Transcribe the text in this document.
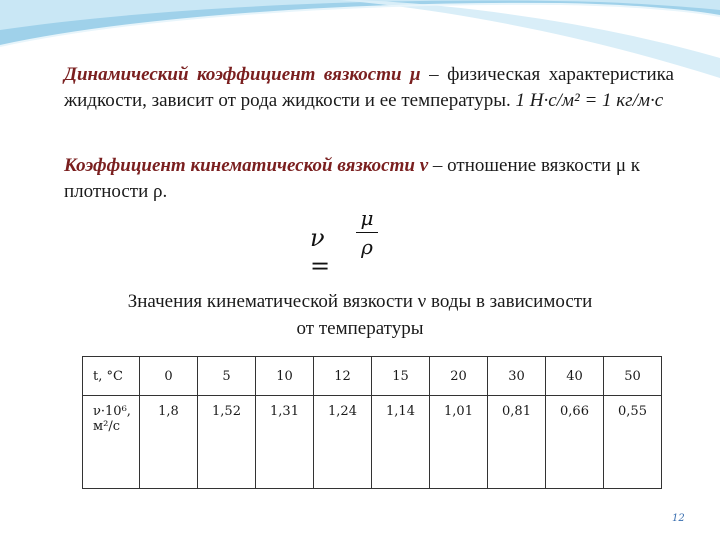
Динамический коэффициент вязкости μ – физическая характеристика жидкости, зависит от рода жидкости и ее температуры. 1 Н·с/м² = 1 кг/м·с
Коэффициент кинематической вязкости ν – отношение вязкости μ к плотности ρ.
ν =
μ
ρ
Значения кинематической вязкости ν воды в зависимости
от температуры
t, °C	0	5	10	12	15	20	30	40	50

ν·10⁶,
м²/с	1,8	1,52	1,31	1,24	1,14	1,01	0,81	0,66	0,55
12
